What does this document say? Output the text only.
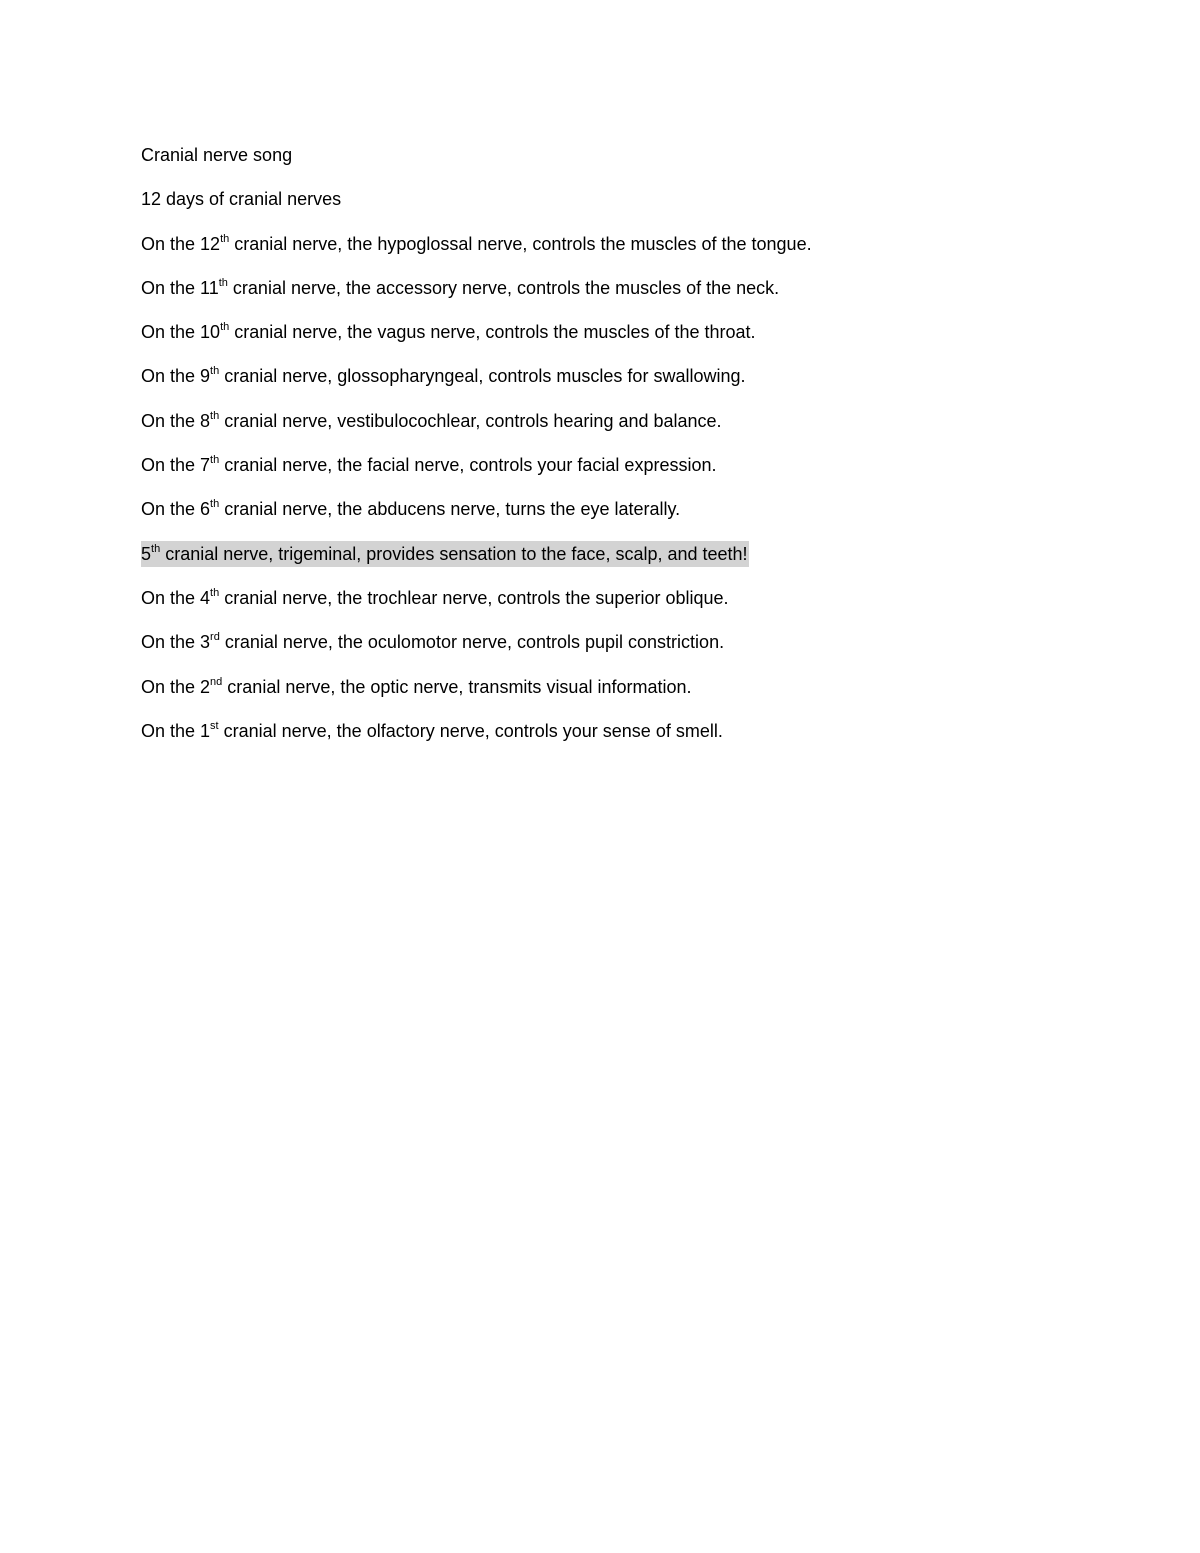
Cranial nerve song
12 days of cranial nerves
On the 12th cranial nerve, the hypoglossal nerve, controls the muscles of the tongue.
On the 11th cranial nerve, the accessory nerve, controls the muscles of the neck.
On the 10th cranial nerve, the vagus nerve, controls the muscles of the throat.
On the 9th cranial nerve, glossopharyngeal, controls muscles for swallowing.
On the 8th cranial nerve, vestibulocochlear, controls hearing and balance.
On the 7th cranial nerve, the facial nerve, controls your facial expression.
On the 6th cranial nerve, the abducens nerve, turns the eye laterally.
5th cranial nerve, trigeminal, provides sensation to the face, scalp, and teeth!
On the 4th cranial nerve, the trochlear nerve, controls the superior oblique.
On the 3rd cranial nerve, the oculomotor nerve, controls pupil constriction.
On the 2nd cranial nerve, the optic nerve, transmits visual information.
On the 1st cranial nerve, the olfactory nerve, controls your sense of smell.
